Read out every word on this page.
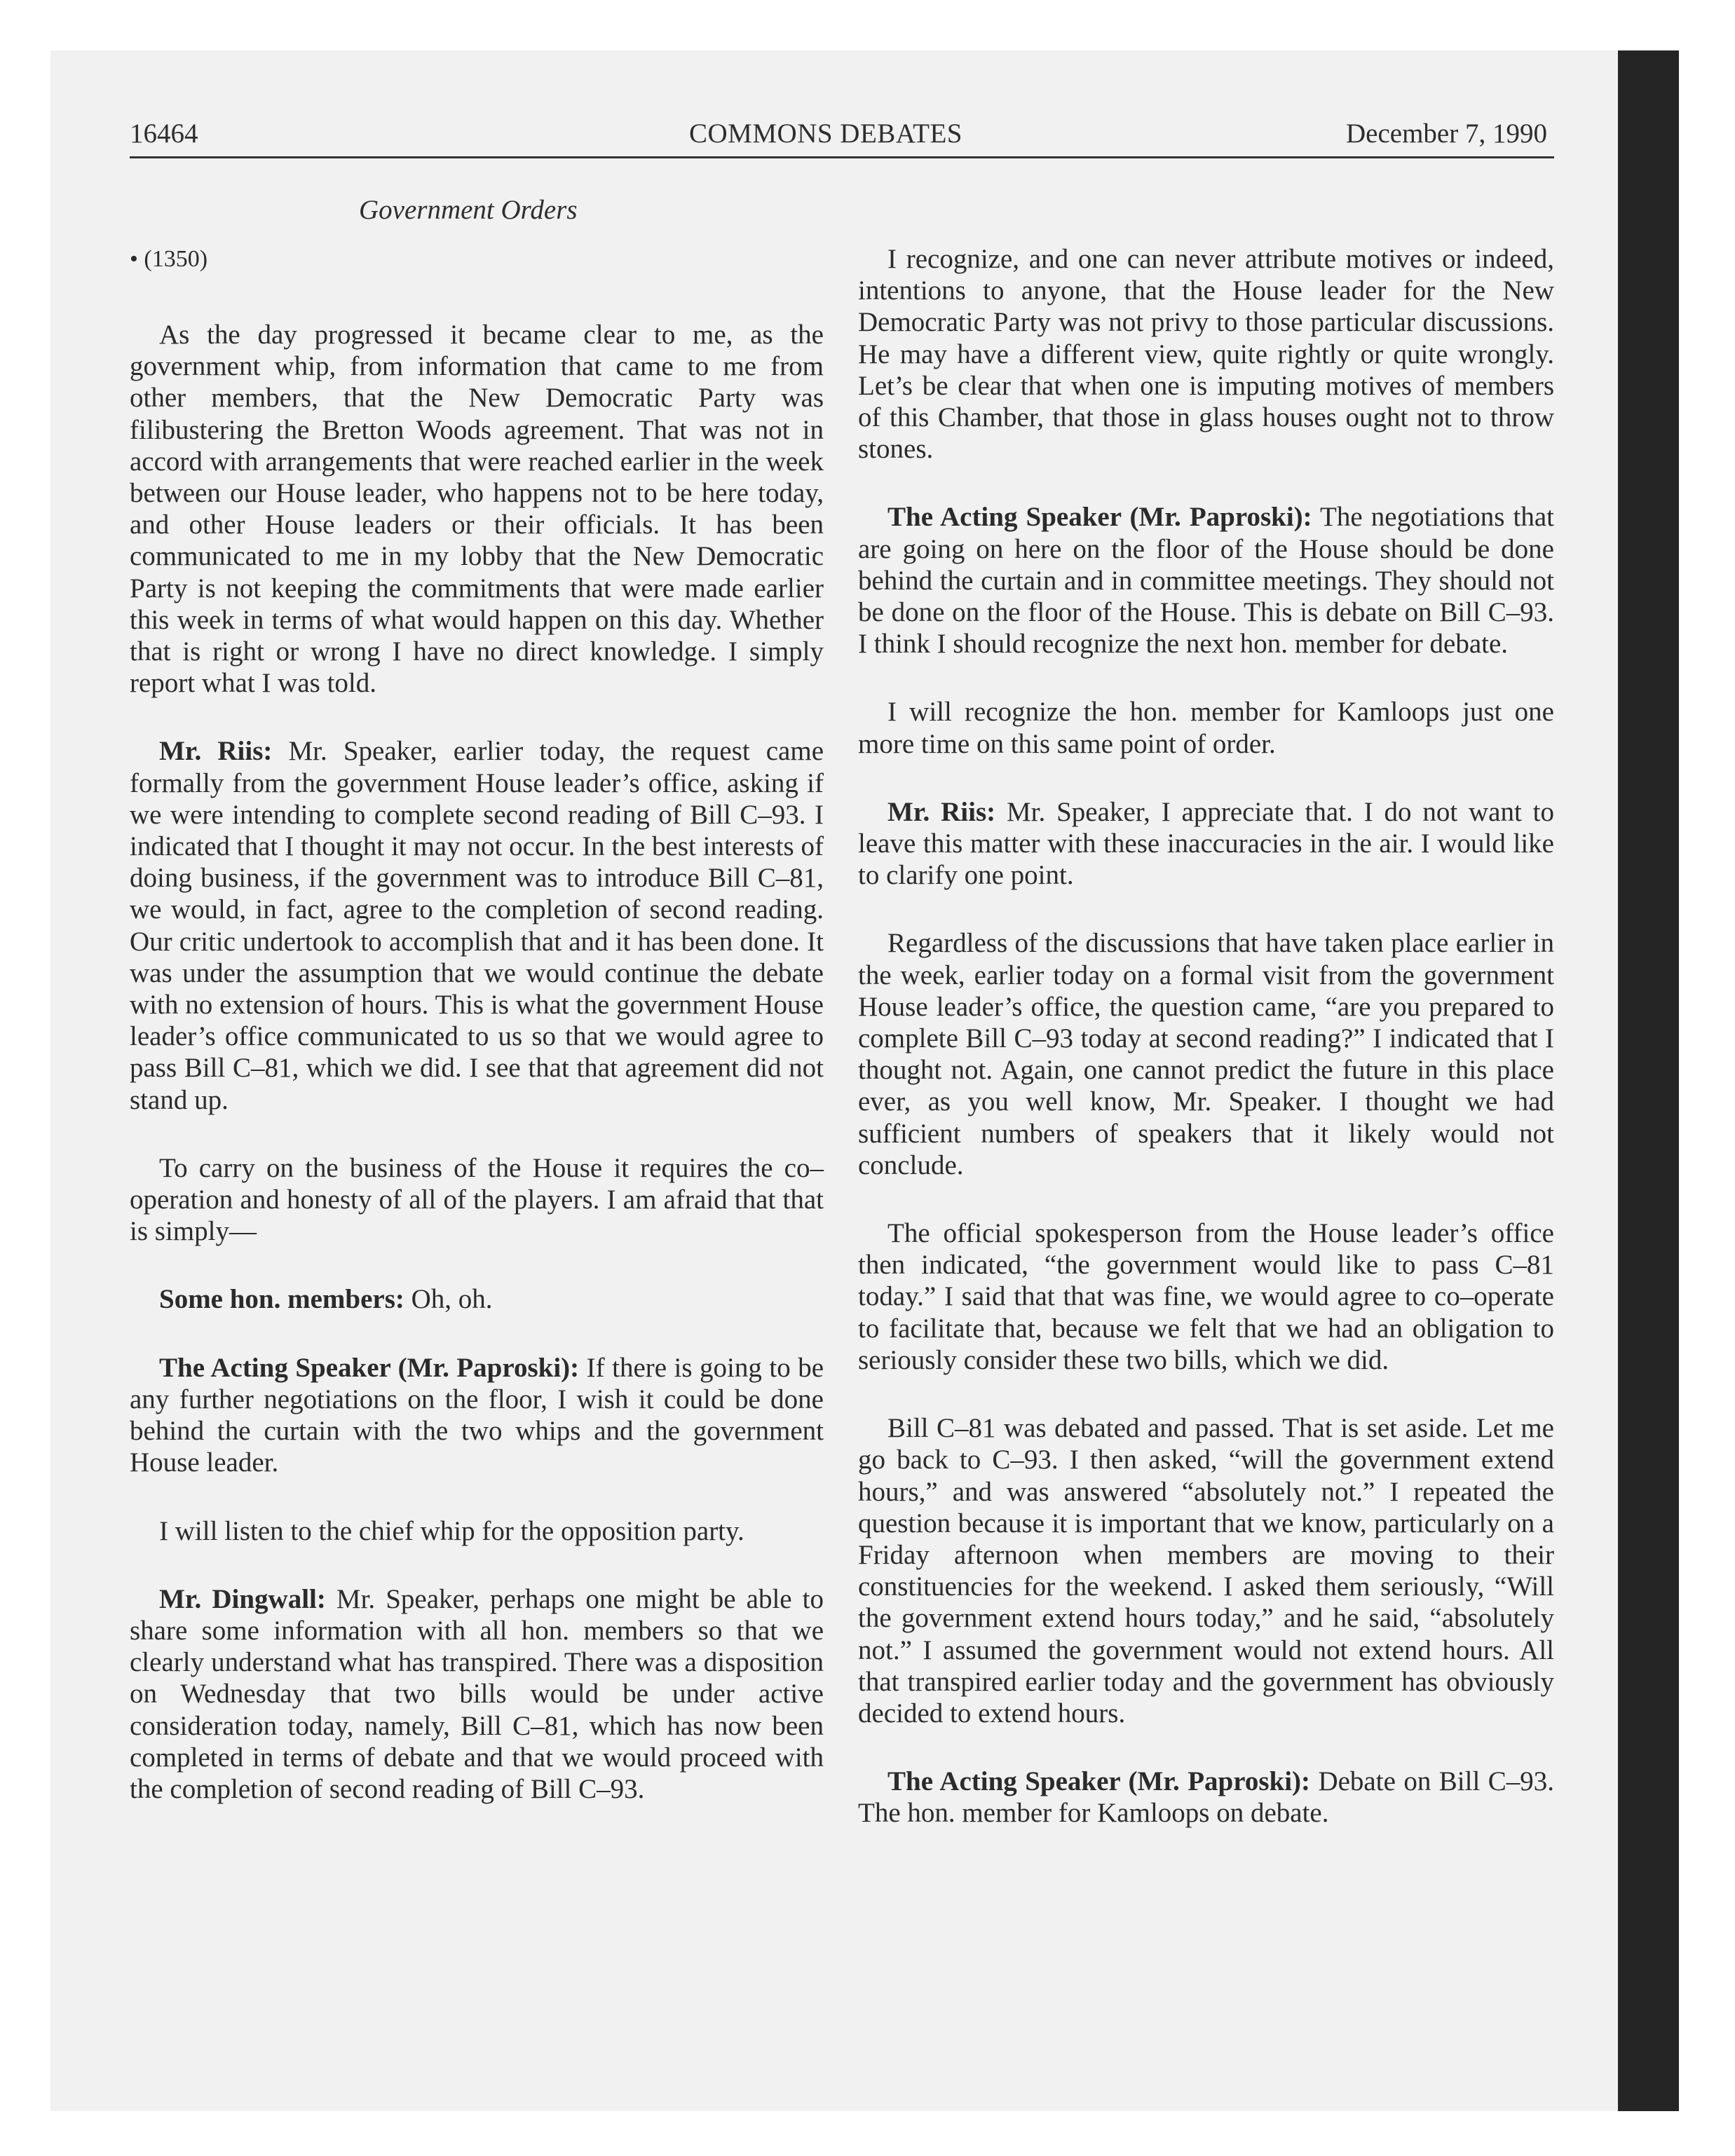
16464	COMMONS DEBATES	December 7, 1990
Government Orders

• (1350)

As the day progressed it became clear to me, as the government whip, from information that came to me from other members, that the New Democratic Party was filibustering the Bretton Woods agreement. That was not in accord with arrangements that were reached earlier in the week between our House leader, who happens not to be here today, and other House leaders or their officials. It has been communicated to me in my lobby that the New Democratic Party is not keeping the commitments that were made earlier this week in terms of what would happen on this day. Whether that is right or wrong I have no direct knowledge. I simply report what I was told.

Mr. Riis: Mr. Speaker, earlier today, the request came formally from the government House leader’s office, asking if we were intending to complete second reading of Bill C–93. I indicated that I thought it may not occur. In the best interests of doing business, if the government was to introduce Bill C–81, we would, in fact, agree to the completion of second reading. Our critic undertook to accomplish that and it has been done. It was under the assumption that we would continue the debate with no extension of hours. This is what the government House leader’s office communicated to us so that we would agree to pass Bill C–81, which we did. I see that that agreement did not stand up.

To carry on the business of the House it requires the co–operation and honesty of all of the players. I am afraid that that is simply—

Some hon. members: Oh, oh.

The Acting Speaker (Mr. Paproski): If there is going to be any further negotiations on the floor, I wish it could be done behind the curtain with the two whips and the government House leader.

I will listen to the chief whip for the opposition party.

Mr. Dingwall: Mr. Speaker, perhaps one might be able to share some information with all hon. members so that we clearly understand what has transpired. There was a disposition on Wednesday that two bills would be under active consideration today, namely, Bill C–81, which has now been completed in terms of debate and that we would proceed with the completion of second reading of Bill C–93.

I recognize, and one can never attribute motives or indeed, intentions to anyone, that the House leader for the New Democratic Party was not privy to those particular discussions. He may have a different view, quite rightly or quite wrongly. Let’s be clear that when one is imputing motives of members of this Chamber, that those in glass houses ought not to throw stones.

The Acting Speaker (Mr. Paproski): The negotiations that are going on here on the floor of the House should be done behind the curtain and in committee meetings. They should not be done on the floor of the House. This is debate on Bill C–93. I think I should recognize the next hon. member for debate.

I will recognize the hon. member for Kamloops just one more time on this same point of order.

Mr. Riis: Mr. Speaker, I appreciate that. I do not want to leave this matter with these inaccuracies in the air. I would like to clarify one point.

Regardless of the discussions that have taken place earlier in the week, earlier today on a formal visit from the government House leader’s office, the question came, “are you prepared to complete Bill C–93 today at second reading?” I indicated that I thought not. Again, one cannot predict the future in this place ever, as you well know, Mr. Speaker. I thought we had sufficient numbers of speakers that it likely would not conclude.

The official spokesperson from the House leader’s office then indicated, “the government would like to pass C–81 today.” I said that that was fine, we would agree to co–operate to facilitate that, because we felt that we had an obligation to seriously consider these two bills, which we did.

Bill C–81 was debated and passed. That is set aside. Let me go back to C–93. I then asked, “will the government extend hours,” and was answered “absolutely not.” I repeated the question because it is important that we know, particularly on a Friday afternoon when members are moving to their constituencies for the weekend. I asked them seriously, “Will the government extend hours today,” and he said, “absolutely not.” I assumed the government would not extend hours. All that transpired earlier today and the government has obviously decided to extend hours.

The Acting Speaker (Mr. Paproski): Debate on Bill C–93. The hon. member for Kamloops on debate.
